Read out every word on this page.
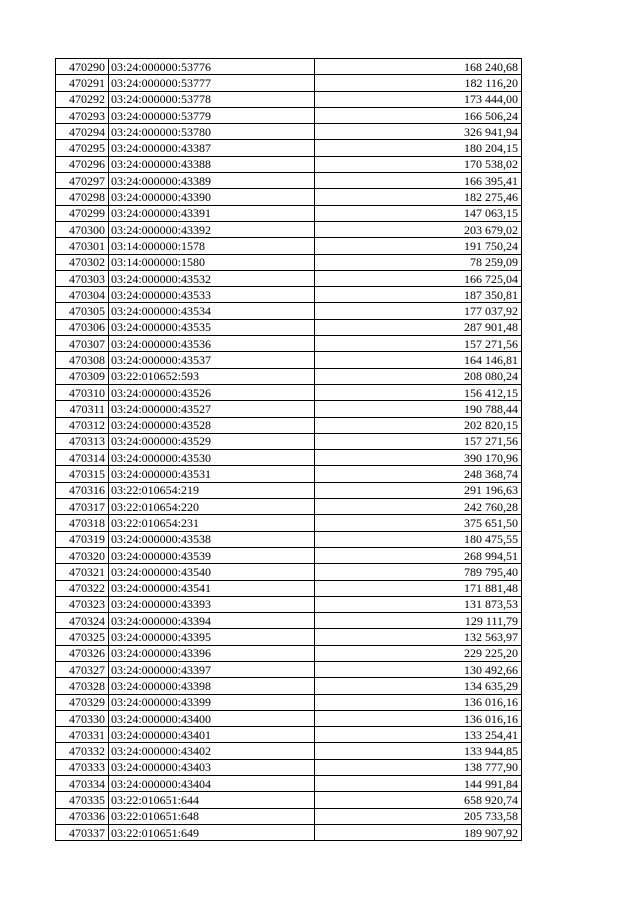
470290	03:24:000000:53776	168 240,68
470291	03:24:000000:53777	182 116,20
470292	03:24:000000:53778	173 444,00
470293	03:24:000000:53779	166 506,24
470294	03:24:000000:53780	326 941,94
470295	03:24:000000:43387	180 204,15
470296	03:24:000000:43388	170 538,02
470297	03:24:000000:43389	166 395,41
470298	03:24:000000:43390	182 275,46
470299	03:24:000000:43391	147 063,15
470300	03:24:000000:43392	203 679,02
470301	03:14:000000:1578	191 750,24
470302	03:14:000000:1580	78 259,09
470303	03:24:000000:43532	166 725,04
470304	03:24:000000:43533	187 350,81
470305	03:24:000000:43534	177 037,92
470306	03:24:000000:43535	287 901,48
470307	03:24:000000:43536	157 271,56
470308	03:24:000000:43537	164 146,81
470309	03:22:010652:593	208 080,24
470310	03:24:000000:43526	156 412,15
470311	03:24:000000:43527	190 788,44
470312	03:24:000000:43528	202 820,15
470313	03:24:000000:43529	157 271,56
470314	03:24:000000:43530	390 170,96
470315	03:24:000000:43531	248 368,74
470316	03:22:010654:219	291 196,63
470317	03:22:010654:220	242 760,28
470318	03:22:010654:231	375 651,50
470319	03:24:000000:43538	180 475,55
470320	03:24:000000:43539	268 994,51
470321	03:24:000000:43540	789 795,40
470322	03:24:000000:43541	171 881,48
470323	03:24:000000:43393	131 873,53
470324	03:24:000000:43394	129 111,79
470325	03:24:000000:43395	132 563,97
470326	03:24:000000:43396	229 225,20
470327	03:24:000000:43397	130 492,66
470328	03:24:000000:43398	134 635,29
470329	03:24:000000:43399	136 016,16
470330	03:24:000000:43400	136 016,16
470331	03:24:000000:43401	133 254,41
470332	03:24:000000:43402	133 944,85
470333	03:24:000000:43403	138 777,90
470334	03:24:000000:43404	144 991,84
470335	03:22:010651:644	658 920,74
470336	03:22:010651:648	205 733,58
470337	03:22:010651:649	189 907,92
